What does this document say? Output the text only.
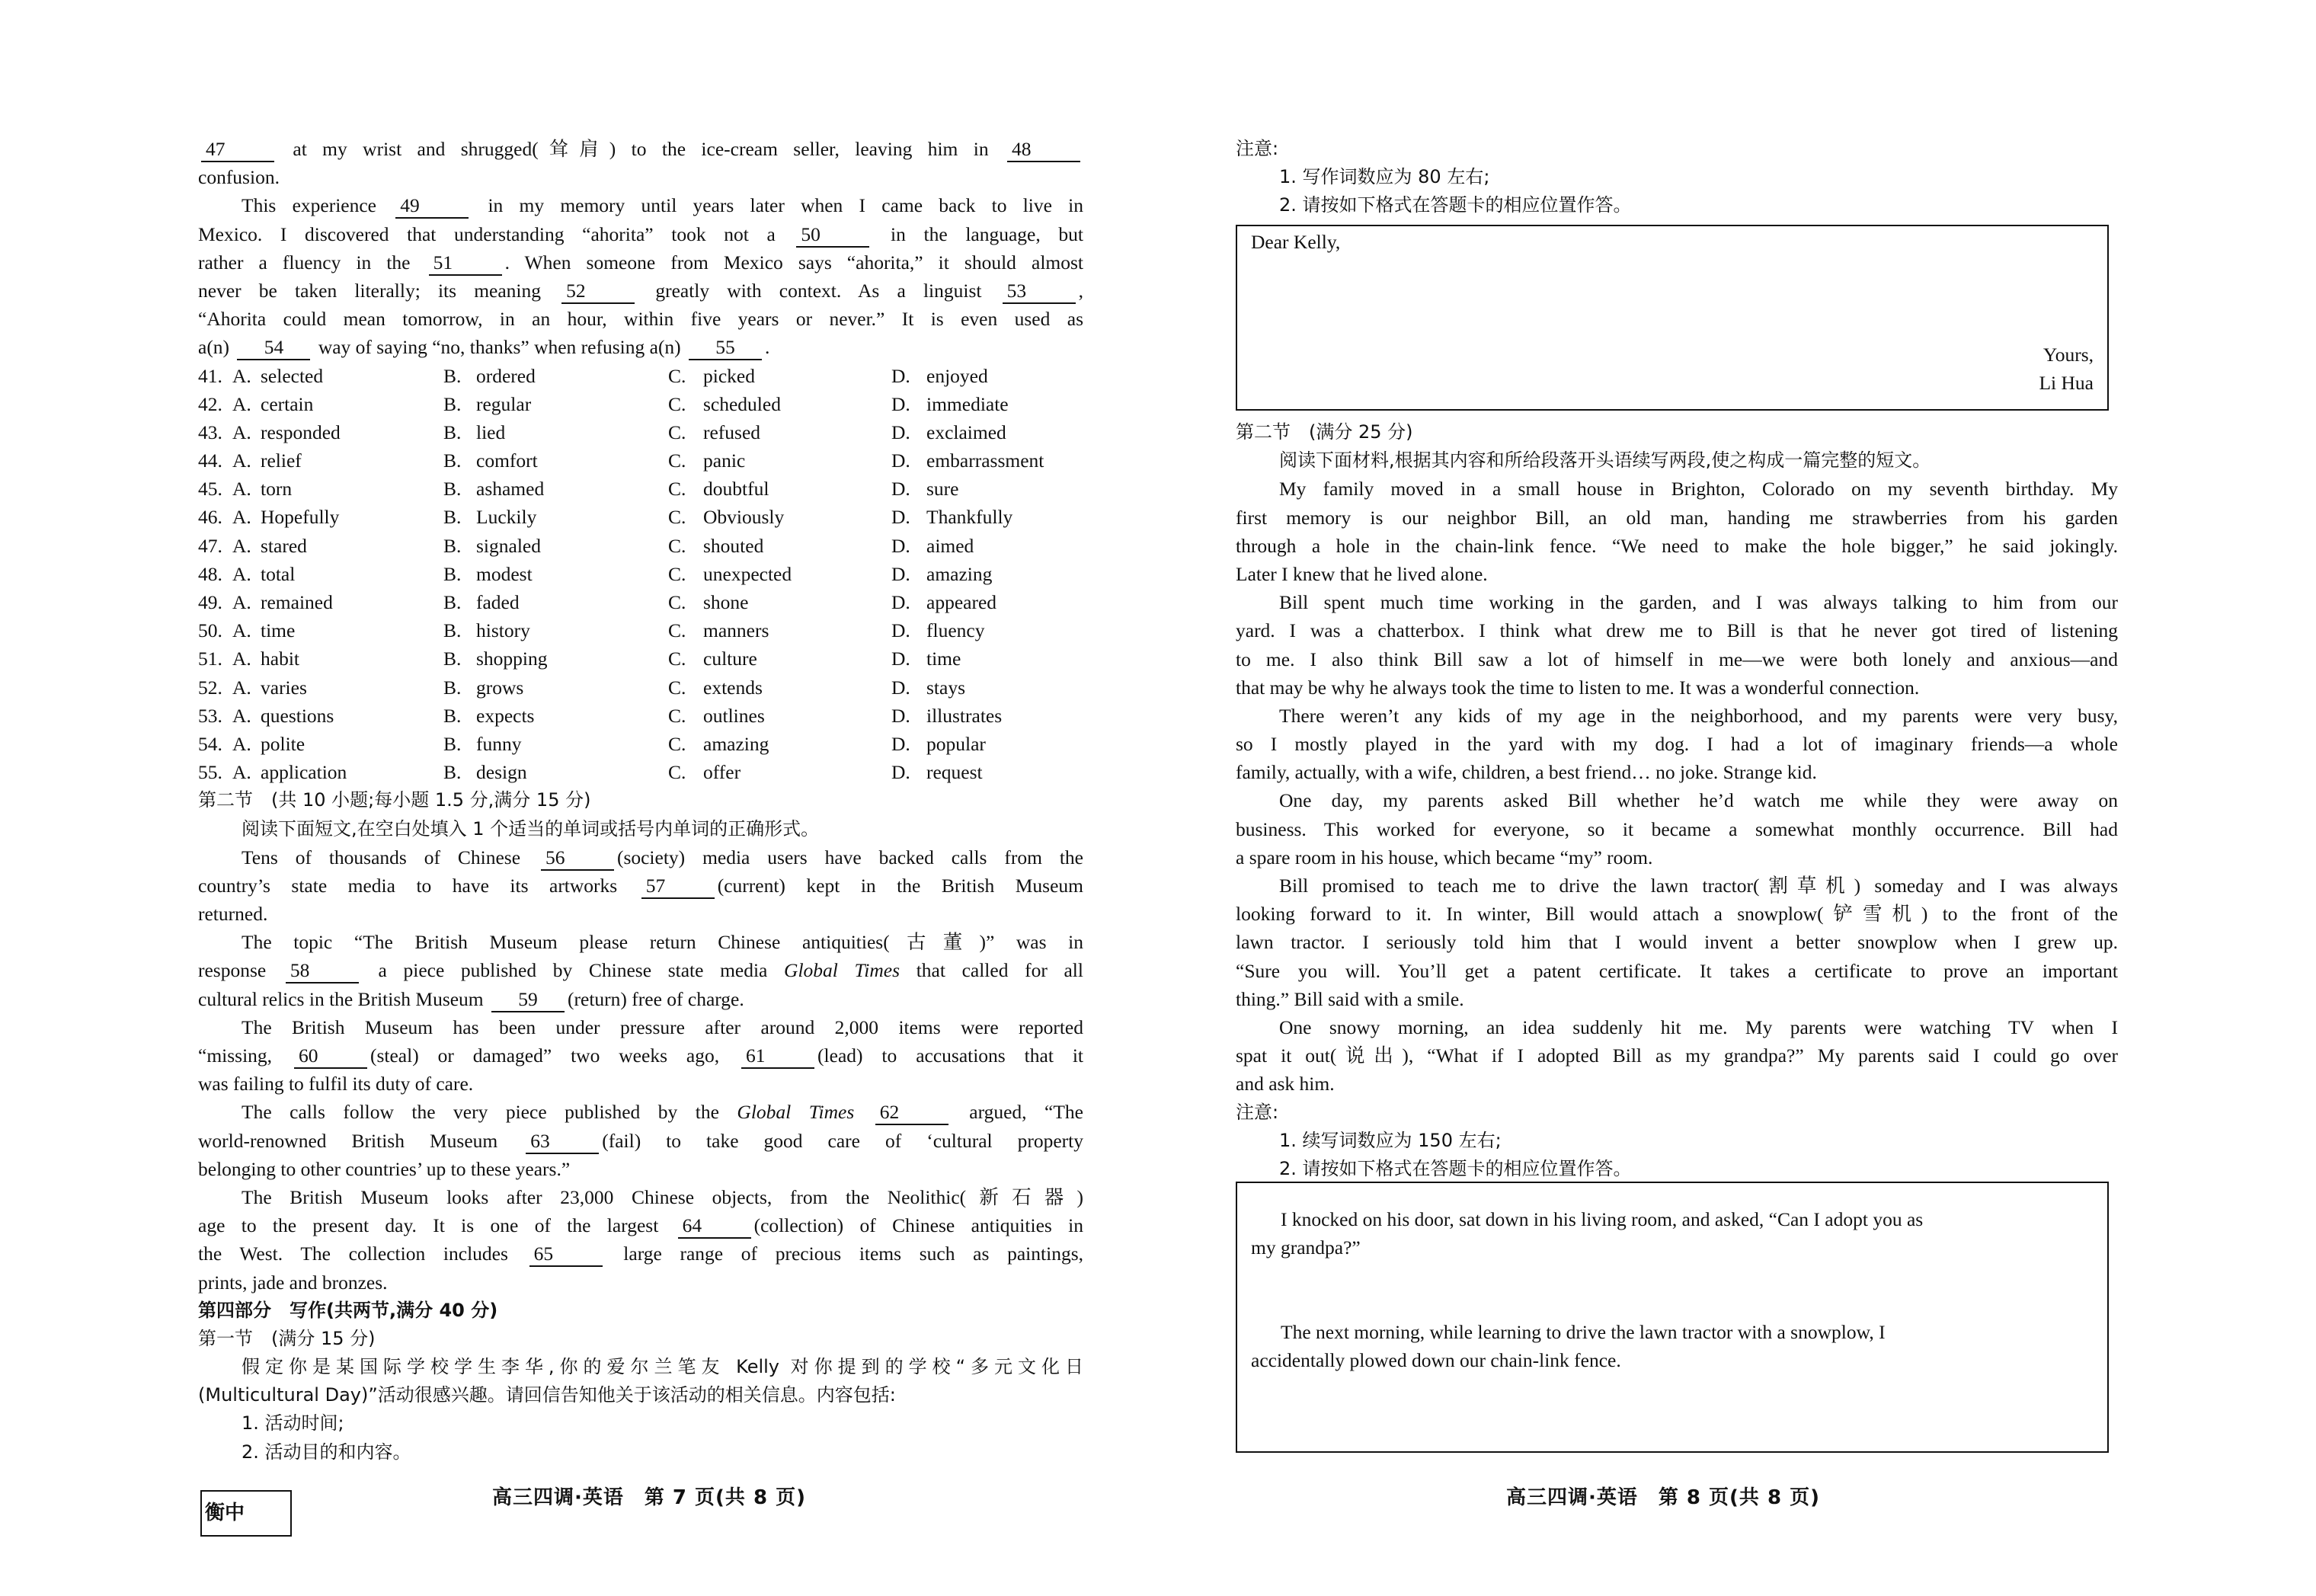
47	at my wrist and shrugged(耸肩) to the ice-cream seller, leaving him in 48
confusion.
This experience 49	in my memory until years later when I came back to live in
Mexico. I discovered that understanding “ahorita” took not a 50	in the language, but
rather a fluency in the 51	. When someone from Mexico says “ahorita,” it should almost
never be taken literally; its meaning 52	greatly with context. As a linguist 53	,
“Ahorita could mean tomorrow, in an hour, within five years or never.” It is even used as
a(n) 54 way of saying “no, thanks” when refusing a(n) 55 .
41. A. selected	B. ordered	C. picked	D. enjoyed
42. A. certain	B. regular	C. scheduled	D. immediate
43. A. responded	B. lied	C. refused	D. exclaimed
44. A. relief	B. comfort	C. panic	D. embarrassment
45. A. torn	B. ashamed	C. doubtful	D. sure
46. A. Hopefully	B. Luckily	C. Obviously	D. Thankfully
47. A. stared	B. signaled	C. shouted	D. aimed
48. A. total	B. modest	C. unexpected	D. amazing
49. A. remained	B. faded	C. shone	D. appeared
50. A. time	B. history	C. manners	D. fluency
51. A. habit	B. shopping	C. culture	D. time
52. A. varies	B. grows	C. extends	D. stays
53. A. questions	B. expects	C. outlines	D. illustrates
54. A. polite	B. funny	C. amazing	D. popular
55. A. application	B. design	C. offer	D. request
第二节　(共 10 小题;每小题 1.5 分,满分 15 分)
阅读下面短文,在空白处填入 1 个适当的单词或括号内单词的正确形式。
Tens of thousands of Chinese 56	(society) media users have backed calls from the
country’s state media to have its artworks 57	(current) kept in the British Museum
returned.
The topic “The British Museum please return Chinese antiquities(古董)” was in
response 58	a piece published by Chinese state media Global Times that called for all
cultural relics in the British Museum 59 (return) free of charge.
The British Museum has been under pressure after around 2,000 items were reported
“missing, 60	(steal) or damaged” two weeks ago, 61	(lead) to accusations that it
was failing to fulfil its duty of care.
The calls follow the very piece published by the Global Times 62	argued, “The
world-renowned British Museum 63	(fail) to take good care of ‘cultural property
belonging to other countries’ up to these years.”
The British Museum looks after 23,000 Chinese objects, from the Neolithic(新石器)
age to the present day. It is one of the largest 64	(collection) of Chinese antiquities in
the West. The collection includes 65	large range of precious items such as paintings,
prints, jade and bronzes.
第四部分　写作(共两节,满分 40 分)
第一节　(满分 15 分)
假定你是某国际学校学生李华,你的爱尔兰笔友 Kelly 对你提到的学校“多元文化日
(Multicultural Day)”活动很感兴趣。请回信告知他关于该活动的相关信息。内容包括:
1. 活动时间;
2. 活动目的和内容。
衡中
高三四调·英语　第 7 页(共 8 页)
注意:
1. 写作词数应为 80 左右;
2. 请按如下格式在答题卡的相应位置作答。
Dear Kelly,
Yours,
Li Hua
第二节　(满分 25 分)
阅读下面材料,根据其内容和所给段落开头语续写两段,使之构成一篇完整的短文。
My family moved in a small house in Brighton, Colorado on my seventh birthday. My
first memory is our neighbor Bill, an old man, handing me strawberries from his garden
through a hole in the chain-link fence. “We need to make the hole bigger,” he said jokingly.
Later I knew that he lived alone.
Bill spent much time working in the garden, and I was always talking to him from our
yard. I was a chatterbox. I think what drew me to Bill is that he never got tired of listening
to me. I also think Bill saw a lot of himself in me—we were both lonely and anxious—and
that may be why he always took the time to listen to me. It was a wonderful connection.
There weren’t any kids of my age in the neighborhood, and my parents were very busy,
so I mostly played in the yard with my dog. I had a lot of imaginary friends—a whole
family, actually, with a wife, children, a best friend… no joke. Strange kid.
One day, my parents asked Bill whether he’d watch me while they were away on
business. This worked for everyone, so it became a somewhat monthly occurrence. Bill had
a spare room in his house, which became “my” room.
Bill promised to teach me to drive the lawn tractor(割草机) someday and I was always
looking forward to it. In winter, Bill would attach a snowplow(铲雪机) to the front of the
lawn tractor. I seriously told him that I would invent a better snowplow when I grew up.
“Sure you will. You’ll get a patent certificate. It takes a certificate to prove an important
thing.” Bill said with a smile.
One snowy morning, an idea suddenly hit me. My parents were watching TV when I
spat it out(说出), “What if I adopted Bill as my grandpa?” My parents said I could go over
and ask him.
注意:
1. 续写词数应为 150 左右;
2. 请按如下格式在答题卡的相应位置作答。
I knocked on his door, sat down in his living room, and asked, “Can I adopt you as
my grandpa?”
The next morning, while learning to drive the lawn tractor with a snowplow, I
accidentally plowed down our chain-link fence.
高三四调·英语　第 8 页(共 8 页)
